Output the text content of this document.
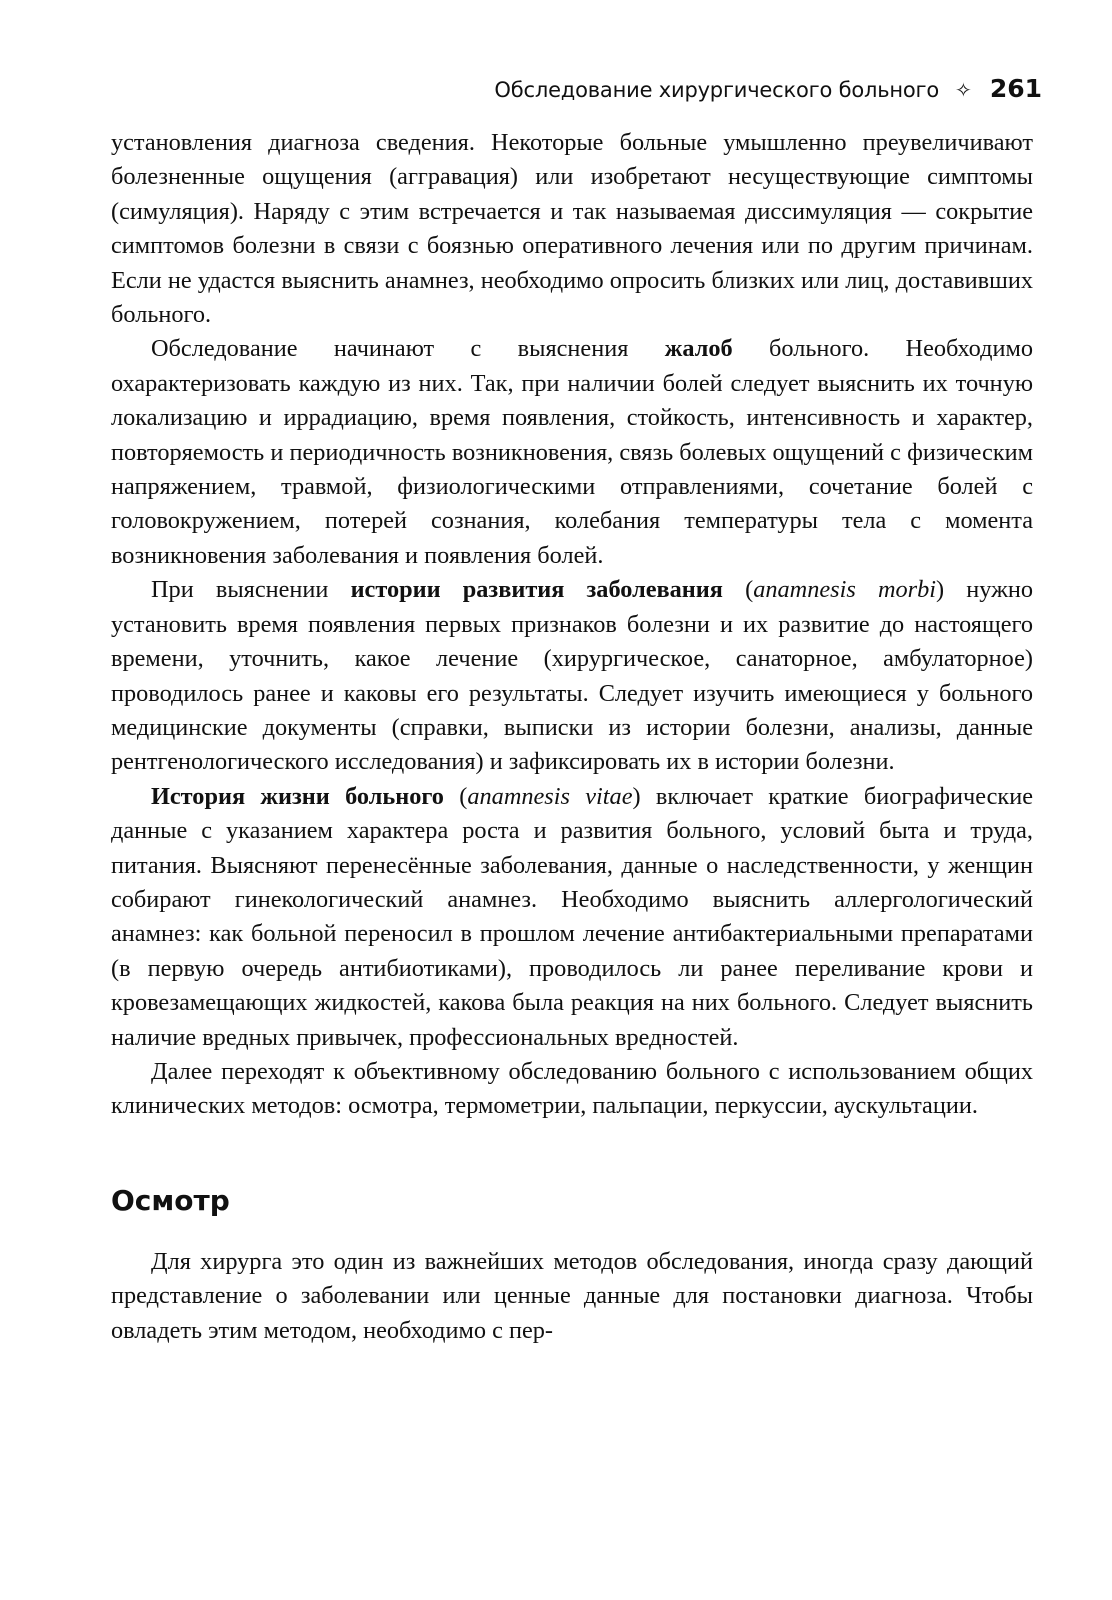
Обследование хирургического больного ✧ 261

установления диагноза сведения. Некоторые больные умышленно преувеличивают болезненные ощущения (аггравация) или изобретают несуществующие симптомы (симуляция). Наряду с этим встречается и так называемая диссимуляция — сокрытие симптомов болезни в связи с боязнью оперативного лечения или по другим причинам. Если не удастся выяснить анамнез, необходимо опросить близких или лиц, доставивших больного.

Обследование начинают с выяснения жалоб больного. Необходимо охарактеризовать каждую из них. Так, при наличии болей следует выяснить их точную локализацию и иррадиацию, время появления, стойкость, интенсивность и характер, повторяемость и периодичность возникновения, связь болевых ощущений с физическим напряжением, травмой, физиологическими отправлениями, сочетание болей с головокружением, потерей сознания, колебания температуры тела с момента возникновения заболевания и появления болей.

При выяснении истории развития заболевания (anamnesis morbi) нужно установить время появления первых признаков болезни и их развитие до настоящего времени, уточнить, какое лечение (хирургическое, санаторное, амбулаторное) проводилось ранее и каковы его результаты. Следует изучить имеющиеся у больного медицинские документы (справки, выписки из истории болезни, анализы, данные рентгенологического исследования) и зафиксировать их в истории болезни.

История жизни больного (anamnesis vitae) включает краткие биографические данные с указанием характера роста и развития больного, условий быта и труда, питания. Выясняют перенесённые заболевания, данные о наследственности, у женщин собирают гинекологический анамнез. Необходимо выяснить аллергологический анамнез: как больной переносил в прошлом лечение антибактериальными препаратами (в первую очередь антибиотиками), проводилось ли ранее переливание крови и кровезамещающих жидкостей, какова была реакция на них больного. Следует выяснить наличие вредных привычек, профессиональных вредностей.

Далее переходят к объективному обследованию больного с использованием общих клинических методов: осмотра, термометрии, пальпации, перкуссии, аускультации.

Осмотр

Для хирурга это один из важнейших методов обследования, иногда сразу дающий представление о заболевании или ценные данные для постановки диагноза. Чтобы овладеть этим методом, необходимо с пер-
